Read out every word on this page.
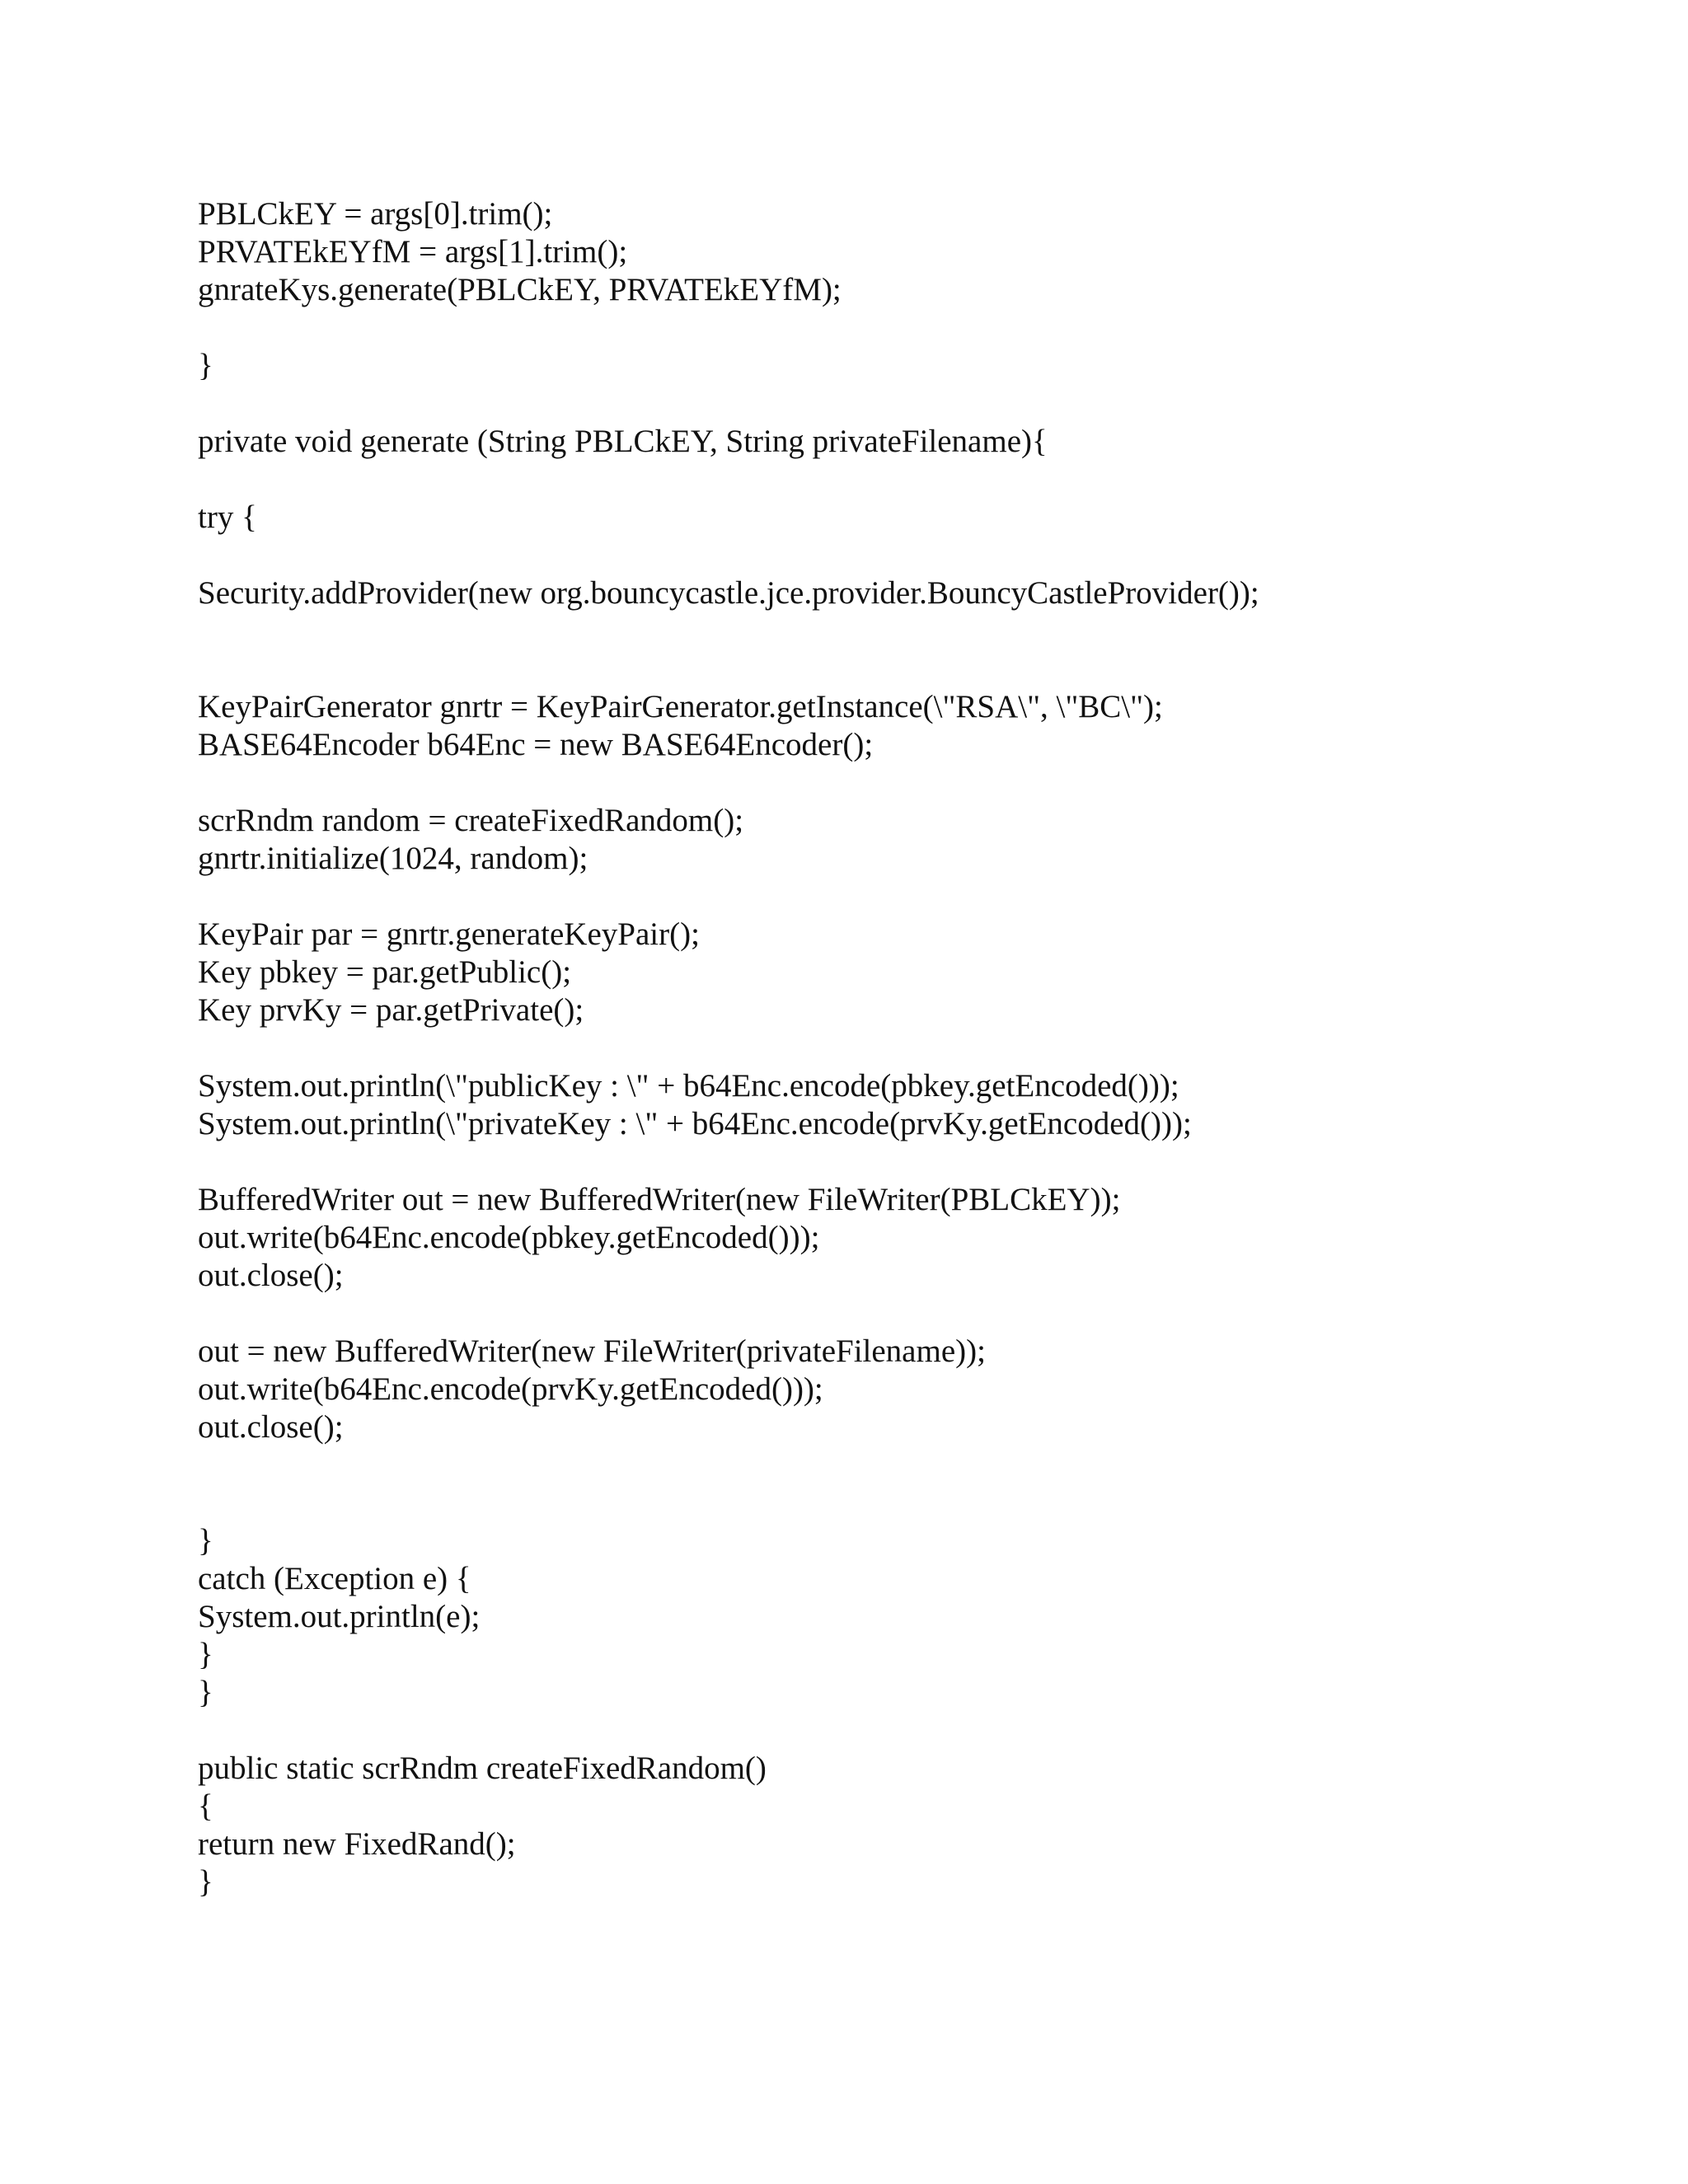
PBLCkEY = args[0].trim();
PRVATEkEYfM = args[1].trim();
gnrateKys.generate(PBLCkEY, PRVATEkEYfM);
}
private void generate (String PBLCkEY, String privateFilename){
try {
Security.addProvider(new org.bouncycastle.jce.provider.BouncyCastleProvider());
KeyPairGenerator gnrtr = KeyPairGenerator.getInstance(\"RSA\", \"BC\");
BASE64Encoder b64Enc = new BASE64Encoder();
scrRndm random = createFixedRandom();
gnrtr.initialize(1024, random);
KeyPair par = gnrtr.generateKeyPair();
Key pbkey = par.getPublic();
Key prvKy = par.getPrivate();
System.out.println(\"publicKey : \" + b64Enc.encode(pbkey.getEncoded()));
System.out.println(\"privateKey : \" + b64Enc.encode(prvKy.getEncoded()));
BufferedWriter out = new BufferedWriter(new FileWriter(PBLCkEY));
out.write(b64Enc.encode(pbkey.getEncoded()));
out.close();
out = new BufferedWriter(new FileWriter(privateFilename));
out.write(b64Enc.encode(prvKy.getEncoded()));
out.close();
}
catch (Exception e) {
System.out.println(e);
}
}
public static scrRndm createFixedRandom()
{
return new FixedRand();
}
